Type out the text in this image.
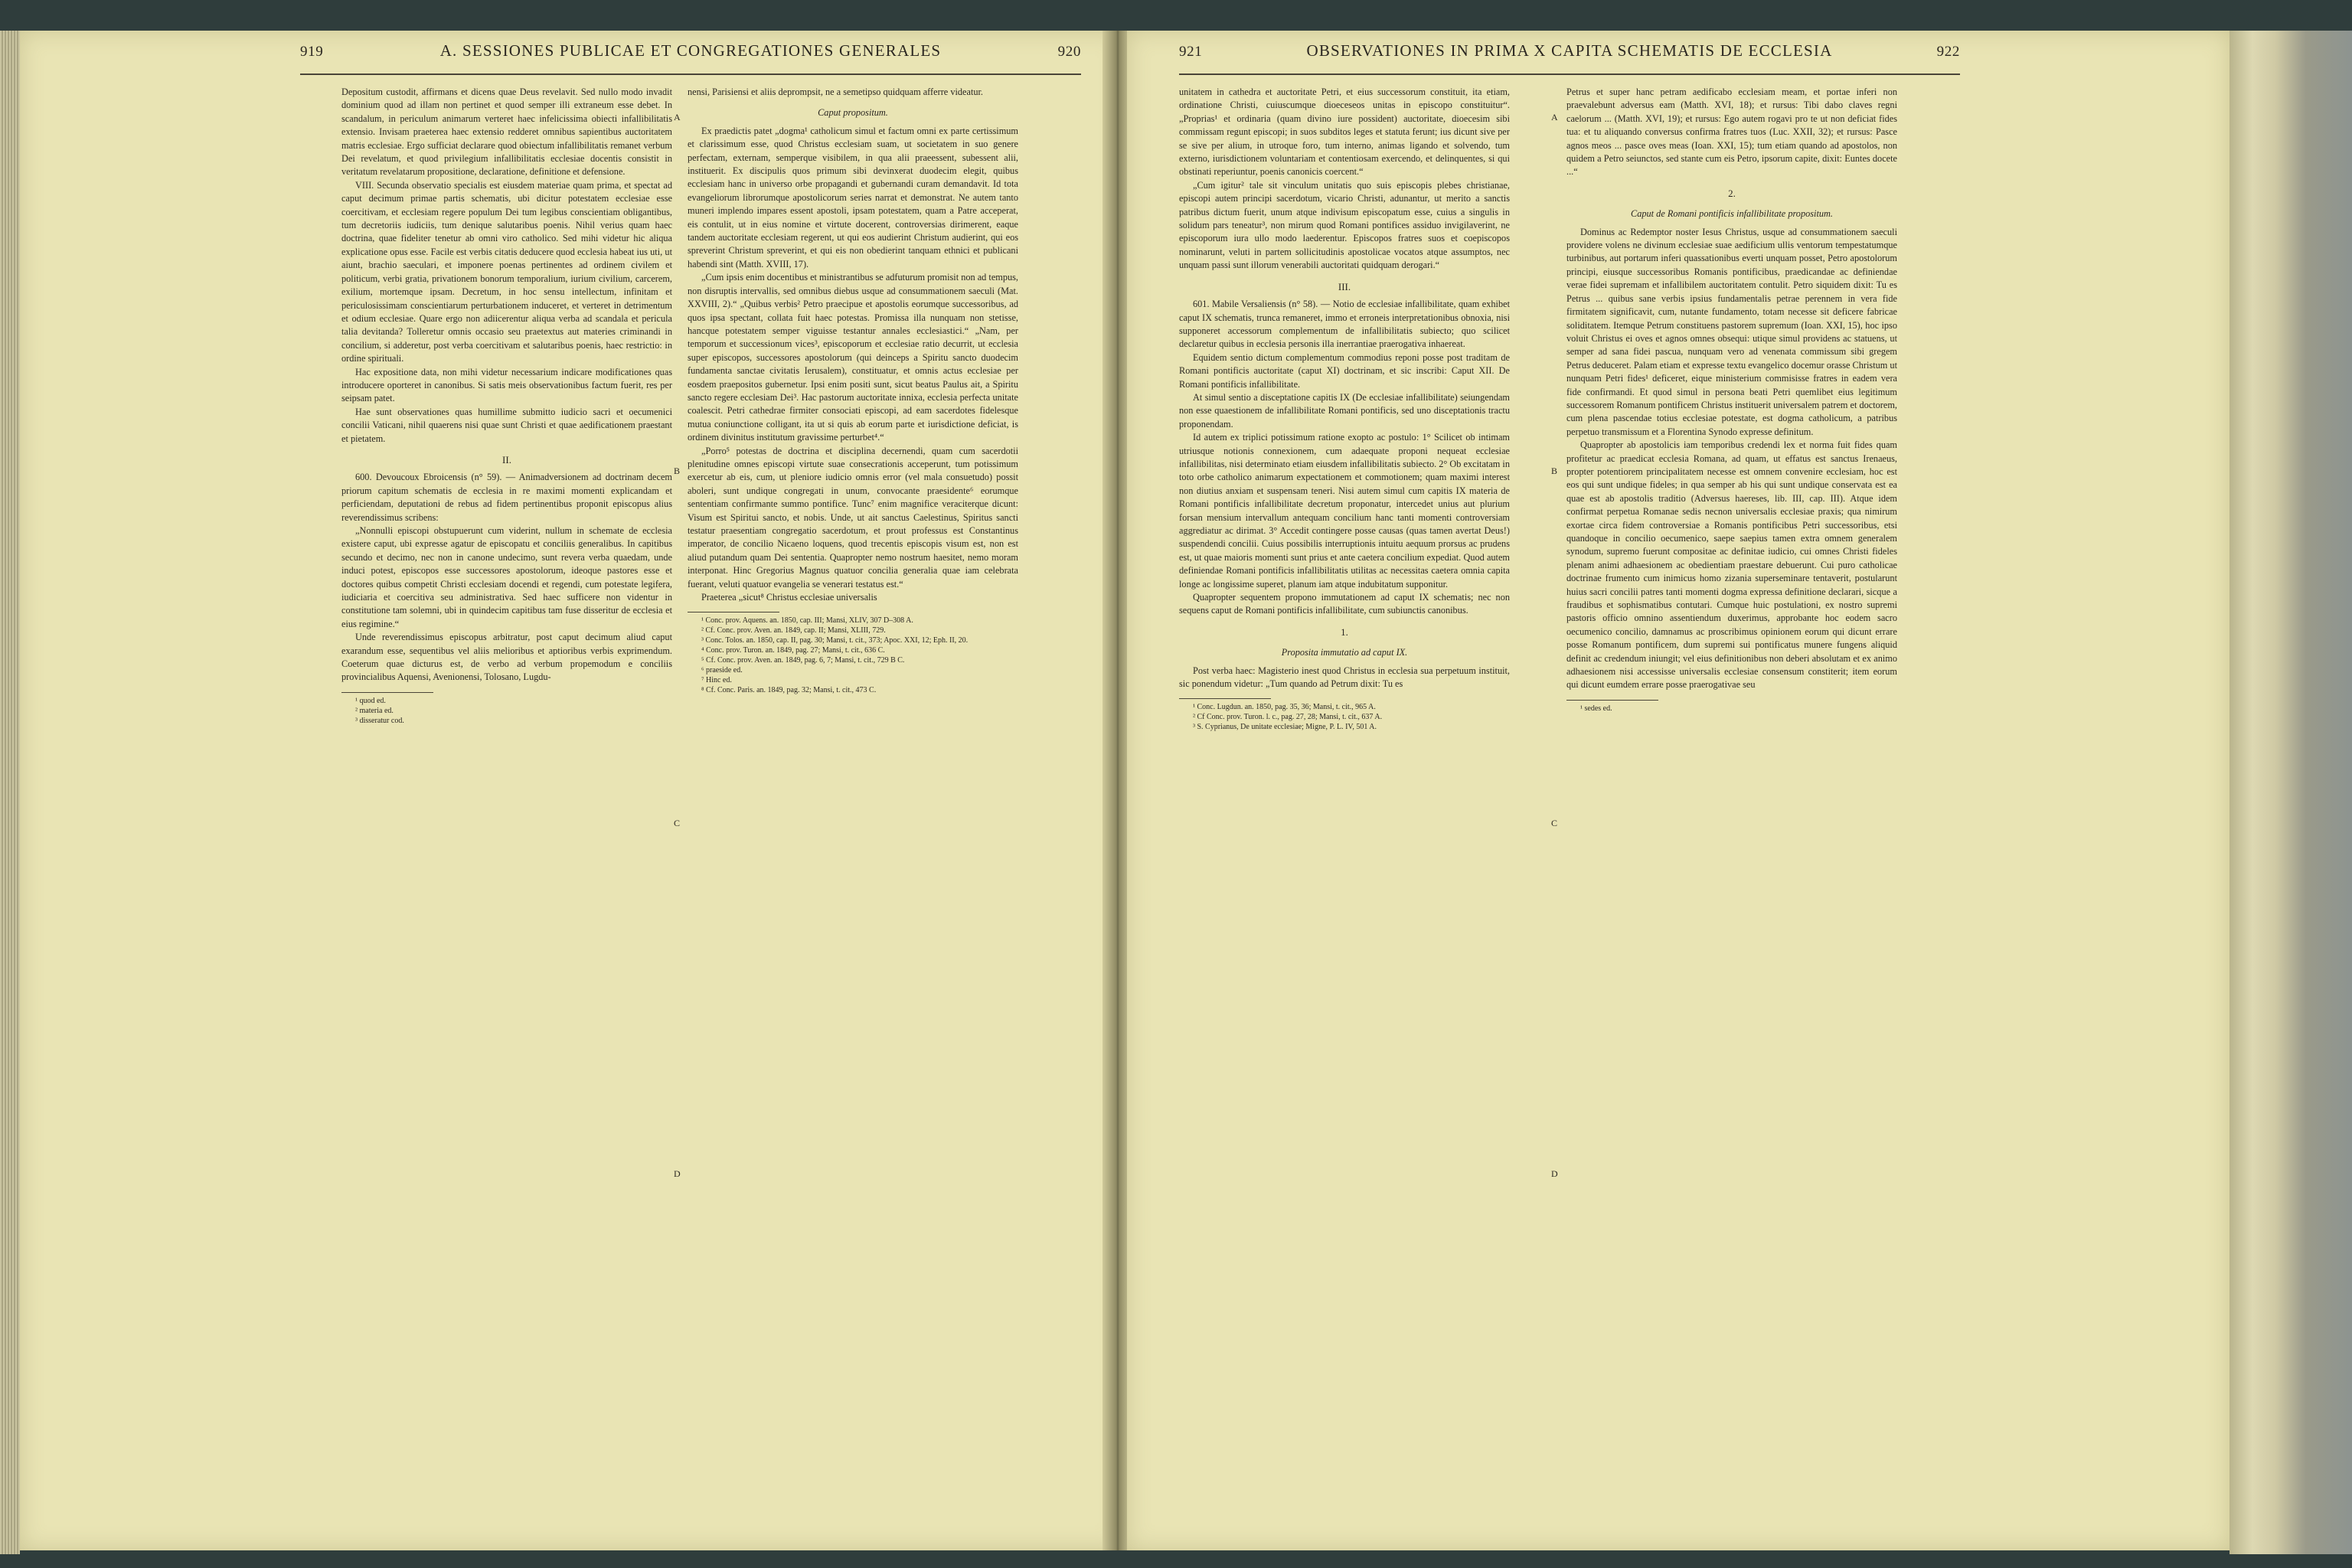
919	A. SESSIONES PUBLICAE ET CONGREGATIONES GENERALES	920	921	OBSERVATIONES IN PRIMA X CAPITA SCHEMATIS DE ECCLESIA	922

Depositum custodit, affirmans et dicens quae Deus revelavit. Sed nullo modo invadit dominium quod ad illam non pertinet et quod semper illi extraneum esse debet. In scandalum, in periculum animarum verteret haec infelicissima obiecti infallibilitatis extensio. Invisam praeterea haec extensio redderet omnibus sapientibus auctoritatem matris ecclesiae. Ergo sufficiat declarare quod obiectum infallibilitatis remanet verbum Dei revelatum, et quod privilegium infallibilitatis ecclesiae docentis consistit in veritatum revelatarum propositione, declaratione, definitione et defensione.

VIII. Secunda observatio specialis est eiusdem materiae quam prima, et spectat ad caput decimum primae partis schematis, ubi dicitur potestatem ecclesiae esse coercitivam, et ecclesiam regere populum Dei tum legibus conscientiam obligantibus, tum decretoriis iudiciis, tum denique salutaribus poenis. Nihil verius quam haec doctrina, quae fideliter tenetur ab omni viro catholico. Sed mihi videtur hic aliqua explicatione opus esse. Facile est verbis citatis deducere quod ecclesia habeat ius uti, ut aiunt, brachio saeculari, et imponere poenas pertinentes ad ordinem civilem et politicum, verbi gratia, privationem bonorum temporalium, iurium civilium, carcerem, exilium, mortemque ipsam. Decretum, in hoc sensu intellectum, infinitam et periculosissimam conscientiarum perturbationem induceret, et verteret in detrimentum et odium ecclesiae. Quare ergo non adiicerentur aliqua verba ad scandala et pericula talia devitanda? Tolleretur omnis occasio seu praetextus aut materies criminandi in concilium, si adderetur, post verba coercitivam et salutaribus poenis, haec restrictio: in ordine spirituali.

Hac expositione data, non mihi videtur necessarium indicare modificationes quas introducere oporteret in canonibus. Si satis meis observationibus factum fuerit, res per seipsam patet.

Hae sunt observationes quas humillime submitto iudicio sacri et oecumenici concilii Vaticani, nihil quaerens nisi quae sunt Christi et quae aedificationem praestant et pietatem.

II.

600. Devoucoux Ebroicensis (n° 59). — Animadversionem ad doctrinam decem priorum capitum schematis de ecclesia in re maximi momenti explicandam et perficiendam, deputationi de rebus ad fidem pertinentibus proponit episcopus alius reverendissimus scribens:

„Nonnulli episcopi obstupuerunt cum viderint, nullum in schemate de ecclesia existere caput, ubi expresse agatur de episcopatu et conciliis generalibus. In capitibus secundo et decimo, nec non in canone undecimo, sunt revera verba quaedam, unde induci potest, episcopos esse successores apostolorum, ideoque pastores esse et doctores quibus competit Christi ecclesiam docendi et regendi, cum potestate legifera, iudiciaria et coercitiva seu administrativa. Sed haec sufficere non videntur in constitutione tam solemni, ubi in quindecim capitibus tam fuse disseritur de ecclesia et eius regimine.“

Unde reverendissimus episcopus arbitratur, post caput decimum aliud caput exarandum esse, sequentibus vel aliis melioribus et aptioribus verbis exprimendum. Coeterum quae dicturus est, de verbo ad verbum propemodum e conciliis provincialibus Aquensi, Avenionensi, Tolosano, Lugdu-

¹ quod ed.

² materia ed.

³ disseratur cod.

A
B
C
D

nensi, Parisiensi et aliis deprompsit, ne a semetipso quidquam afferre videatur.

Caput propositum.

Ex praedictis patet „dogma¹ catholicum simul et factum omni ex parte certissimum et clarissimum esse, quod Christus ecclesiam suam, ut societatem in suo genere perfectam, externam, semperque visibilem, in qua alii praeessent, subessent alii, instituerit. Ex discipulis quos primum sibi devinxerat duodecim elegit, quibus ecclesiam hanc in universo orbe propagandi et gubernandi curam demandavit. Id tota evangeliorum librorumque apostolicorum series narrat et demonstrat. Ne autem tanto muneri implendo impares essent apostoli, ipsam potestatem, quam a Patre acceperat, eis contulit, ut in eius nomine et virtute docerent, controversias dirimerent, eaque tandem auctoritate ecclesiam regerent, ut qui eos audierint Christum audierint, qui eos spreverint Christum spreverint, et qui eis non obedierint tanquam ethnici et publicani habendi sint (Matth. XVIII, 17).

„Cum ipsis enim docentibus et ministrantibus se adfuturum promisit non ad tempus, non disruptis intervallis, sed omnibus diebus usque ad consummationem saeculi (Mat. XXVIII, 2).“ „Quibus verbis² Petro praecipue et apostolis eorumque successoribus, ad quos ipsa spectant, collata fuit haec potestas. Promissa illa nunquam non stetisse, hancque potestatem semper viguisse testantur annales ecclesiastici.“ „Nam, per temporum et successionum vices³, episcoporum et ecclesiae ratio decurrit, ut ecclesia super episcopos, successores apostolorum (qui deinceps a Spiritu sancto duodecim fundamenta sanctae civitatis Ierusalem), constituatur, et omnis actus ecclesiae per eosdem praepositos gubernetur. Ipsi enim positi sunt, sicut beatus Paulus ait, a Spiritu sancto regere ecclesiam Dei³. Hac pastorum auctoritate innixa, ecclesia perfecta unitate coalescit. Petri cathedrae firmiter consociati episcopi, ad eam sacerdotes fidelesque mutua coniunctione colligant, ita ut si quis ab eorum parte et iurisdictione deficiat, is ordinem divinitus institutum gravissime perturbet⁴.“

„Porro⁵ potestas de doctrina et disciplina decernendi, quam cum sacerdotii plenitudine omnes episcopi virtute suae consecrationis acceperunt, tum potissimum exercetur ab eis, cum, ut pleniore iudicio omnis error (vel mala consuetudo) possit aboleri, sunt undique congregati in unum, convocante praesidente⁶ eorumque sententiam confirmante summo pontifice. Tunc⁷ enim magnifice veraciterque dicunt: Visum est Spiritui sancto, et nobis. Unde, ut ait sanctus Caelestinus, Spiritus sancti testatur praesentiam congregatio sacerdotum, et prout professus est Constantinus imperator, de concilio Nicaeno loquens, quod trecentis episcopis visum est, non est aliud putandum quam Dei sententia. Quapropter nemo nostrum haesitet, nemo moram interponat. Hinc Gregorius Magnus quatuor concilia generalia quae iam celebrata fuerant, veluti quatuor evangelia se venerari testatus est.“

Praeterea „sicut⁸ Christus ecclesiae universalis

¹ Conc. prov. Aquens. an. 1850, cap. III; Mansi, XLIV, 307 D–308 A.

² Cf. Conc. prov. Aven. an. 1849, cap. II; Mansi, XLIII, 729.

³ Conc. Tolos. an. 1850, cap. II, pag. 30; Mansi, t. cit., 373; Apoc. XXI, 12; Eph. II, 20.

⁴ Conc. prov. Turon. an. 1849, pag. 27; Mansi, t. cit., 636 C.

⁵ Cf. Conc. prov. Aven. an. 1849, pag. 6, 7; Mansi, t. cit., 729 B C.

⁶ praeside ed.

⁷ Hinc ed.

⁸ Cf. Conc. Paris. an. 1849, pag. 32; Mansi, t. cit., 473 C.

unitatem in cathedra et auctoritate Petri, et eius successorum constituit, ita etiam, ordinatione Christi, cuiuscumque dioeceseos unitas in episcopo constituitur“. „Proprias¹ et ordinaria (quam divino iure possident) auctoritate, dioecesim sibi commissam regunt episcopi; in suos subditos leges et statuta ferunt; ius dicunt sive per se sive per alium, in utroque foro, tum interno, animas ligando et solvendo, tum externo, iurisdictionem voluntariam et contentiosam exercendo, et delinquentes, si qui obstinati reperiuntur, poenis canonicis coercent.“

„Cum igitur² tale sit vinculum unitatis quo suis episcopis plebes christianae, episcopi autem principi sacerdotum, vicario Christi, adunantur, ut merito a sanctis patribus dictum fuerit, unum atque indivisum episcopatum esse, cuius a singulis in solidum pars teneatur³, non mirum quod Romani pontifices assiduo invigilaverint, ne episcoporum iura ullo modo laederentur. Episcopos fratres suos et coepiscopos nominarunt, veluti in partem sollicitudinis apostolicae vocatos atque assumptos, nec unquam passi sunt illorum venerabili auctoritati quidquam derogari.“

III.

601. Mabile Versaliensis (n° 58). — Notio de ecclesiae infallibilitate, quam exhibet caput IX schematis, trunca remaneret, immo et erroneis interpretationibus obnoxia, nisi supponeret accessorum complementum de infallibilitatis subiecto; quo scilicet declaretur quibus in ecclesia personis illa inerrantiae praerogativa inhaereat.

Equidem sentio dictum complementum commodius reponi posse post traditam de Romani pontificis auctoritate (caput XI) doctrinam, et sic inscribi: Caput XII. De Romani pontificis infallibilitate.

At simul sentio a disceptatione capitis IX (De ecclesiae infallibilitate) seiungendam non esse quaestionem de infallibilitate Romani pontificis, sed uno disceptationis tractu proponendam.

Id autem ex triplici potissimum ratione exopto ac postulo: 1° Scilicet ob intimam utriusque notionis connexionem, cum adaequate proponi nequeat ecclesiae infallibilitas, nisi determinato etiam eiusdem infallibilitatis subiecto. 2° Ob excitatam in toto orbe catholico animarum expectationem et commotionem; quam maximi interest non diutius anxiam et suspensam teneri. Nisi autem simul cum capitis IX materia de Romani pontificis infallibilitate decretum proponatur, intercedet unius aut plurium forsan mensium intervallum antequam concilium hanc tanti momenti controversiam aggrediatur ac dirimat. 3° Accedit contingere posse causas (quas tamen avertat Deus!) suspendendi concilii. Cuius possibilis interruptionis intuitu aequum prorsus ac prudens est, ut quae maioris momenti sunt prius et ante caetera concilium expediat. Quod autem definiendae Romani pontificis infallibilitatis utilitas ac necessitas caetera omnia capita longe ac longissime superet, planum iam atque indubitatum supponitur.

Quapropter sequentem propono immutationem ad caput IX schematis; nec non sequens caput de Romani pontificis infallibilitate, cum subiunctis canonibus.

1.
Proposita immutatio ad caput IX.

Post verba haec: Magisterio inest quod Christus in ecclesia sua perpetuum instituit, sic ponendum videtur: „Tum quando ad Petrum dixit: Tu es

¹ Conc. Lugdun. an. 1850, pag. 35, 36; Mansi, t. cit., 965 A.

² Cf Conc. prov. Turon. l. c., pag. 27, 28; Mansi, t. cit., 637 A.

³ S. Cyprianus, De unitate ecclesiae; Migne, P. L. IV, 501 A.

A
B
C
D

Petrus et super hanc petram aedificabo ecclesiam meam, et portae inferi non praevalebunt adversus eam (Matth. XVI, 18); et rursus: Tibi dabo claves regni caelorum ... (Matth. XVI, 19); et rursus: Ego autem rogavi pro te ut non deficiat fides tua: et tu aliquando conversus confirma fratres tuos (Luc. XXII, 32); et rursus: Pasce agnos meos ... pasce oves meas (Ioan. XXI, 15); tum etiam quando ad apostolos, non quidem a Petro seiunctos, sed stante cum eis Petro, ipsorum capite, dixit: Euntes docete ...“

2.
Caput de Romani pontificis infallibilitate propositum.

Dominus ac Redemptor noster Iesus Christus, usque ad consummationem saeculi providere volens ne divinum ecclesiae suae aedificium ullis ventorum tempestatumque turbinibus, aut portarum inferi quassationibus everti unquam posset, Petro apostolorum principi, eiusque successoribus Romanis pontificibus, praedicandae ac definiendae verae fidei supremam et infallibilem auctoritatem contulit. Petro siquidem dixit: Tu es Petrus ... quibus sane verbis ipsius fundamentalis petrae perennem in vera fide firmitatem significavit, cum, nutante fundamento, totam necesse sit deficere fabricae soliditatem. Itemque Petrum constituens pastorem supremum (Ioan. XXI, 15), hoc ipso voluit Christus ei oves et agnos omnes obsequi: utique simul providens ac statuens, ut semper ad sana fidei pascua, nunquam vero ad venenata commissum sibi gregem Petrus deduceret. Palam etiam et expresse textu evangelico docemur orasse Christum ut nunquam Petri fides¹ deficeret, eique ministerium commisisse fratres in eadem vera fide confirmandi. Et quod simul in persona beati Petri quemlibet eius legitimum successorem Romanum pontificem Christus instituerit universalem patrem et doctorem, cum plena pascendae totius ecclesiae potestate, est dogma catholicum, a patribus perpetuo transmissum et a Florentina Synodo expresse definitum.

Quapropter ab apostolicis iam temporibus credendi lex et norma fuit fides quam profitetur ac praedicat ecclesia Romana, ad quam, ut effatus est sanctus Irenaeus, propter potentiorem principalitatem necesse est omnem convenire ecclesiam, hoc est eos qui sunt undique fideles; in qua semper ab his qui sunt undique conservata est ea quae est ab apostolis traditio (Adversus haereses, lib. III, cap. III). Atque idem confirmat perpetua Romanae sedis necnon universalis ecclesiae praxis; qua nimirum exortae circa fidem controversiae a Romanis pontificibus Petri successoribus, etsi quandoque in concilio oecumenico, saepe saepius tamen extra omnem generalem synodum, supremo fuerunt compositae ac definitae iudicio, cui omnes Christi fideles plenam animi adhaesionem ac obedientiam praestare debuerunt. Cui puro catholicae doctrinae frumento cum inimicus homo zizania superseminare tentaverit, postularunt huius sacri concilii patres tanti momenti dogma expressa definitione declarari, sicque a fraudibus et sophismatibus contutari. Cumque huic postulationi, ex nostro supremi pastoris officio omnino assentiendum duxerimus, approbante hoc eodem sacro oecumenico concilio, damnamus ac proscribimus opinionem eorum qui dicunt errare posse Romanum pontificem, dum supremi sui pontificatus munere fungens aliquid definit ac credendum iniungit; vel eius definitionibus non deberi absolutam et ex animo adhaesionem nisi accessisse universalis ecclesiae consensum constiterit; item eorum qui dicunt eumdem errare posse praerogativae seu

¹ sedes ed.
